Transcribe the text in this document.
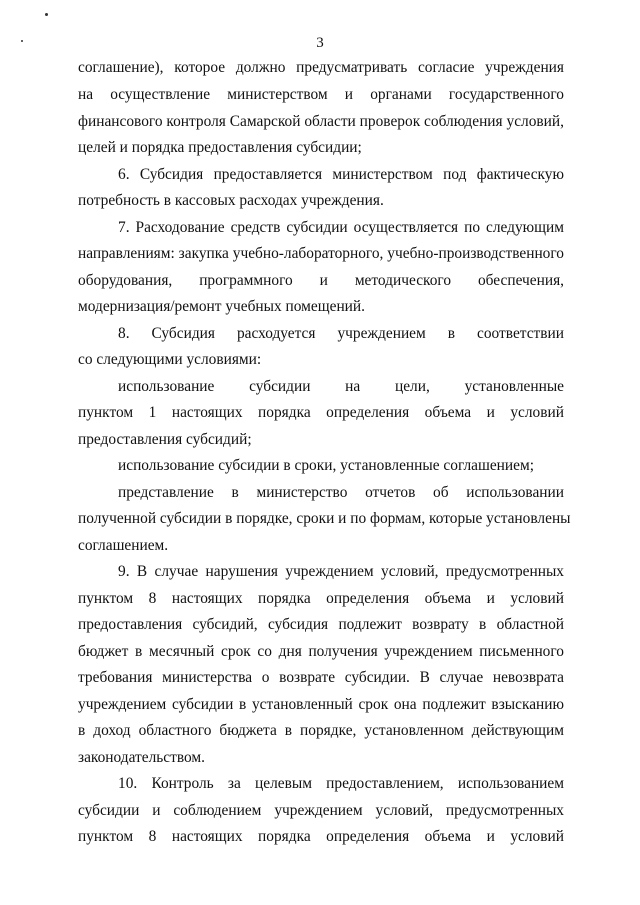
3
соглашение), которое должно предусматривать согласие учреждения
на осуществление министерством и органами государственного
финансового контроля Самарской области проверок соблюдения условий,
целей и порядка предоставления субсидии;
6. Субсидия предоставляется министерством под фактическую
потребность в кассовых расходах учреждения.
7. Расходование средств субсидии осуществляется по следующим
направлениям: закупка учебно-лабораторного, учебно-производственного
оборудования, программного и методического обеспечения,
модернизация/ремонт учебных помещений.
8. Субсидия расходуется учреждением в соответствии
со следующими условиями:
использование субсидии на цели, установленные
пунктом 1 настоящих порядка определения объема и условий
предоставления субсидий;
использование субсидии в сроки, установленные соглашением;
представление в министерство отчетов об использовании
полученной субсидии в порядке, сроки и по формам, которые установлены
соглашением.
9. В случае нарушения учреждением условий, предусмотренных
пунктом 8 настоящих порядка определения объема и условий
предоставления субсидий, субсидия подлежит возврату в областной
бюджет в месячный срок со дня получения учреждением письменного
требования министерства о возврате субсидии. В случае невозврата
учреждением субсидии в установленный срок она подлежит взысканию
в доход областного бюджета в порядке, установленном действующим
законодательством.
10. Контроль за целевым предоставлением, использованием
субсидии и соблюдением учреждением условий, предусмотренных
пунктом 8 настоящих порядка определения объема и условий
